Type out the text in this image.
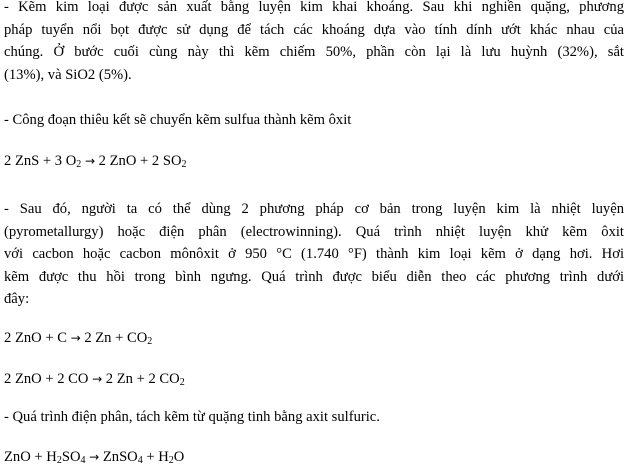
- Kẽm kim loại được sản xuất bằng luyện kim khai khoáng. Sau khi nghiền quặng, phương
pháp tuyển nổi bọt được sử dụng để tách các khoáng dựa vào tính dính ướt khác nhau của
chúng. Ở bước cuối cùng này thì kẽm chiếm 50%, phần còn lại là lưu huỳnh (32%), sắt
(13%), và SiO2 (5%).

- Công đoạn thiêu kết sẽ chuyển kẽm sulfua thành kẽm ôxit

2 ZnS + 3 $O_2 \to 2$ ZnO + 2 $SO_2$

- Sau đó, người ta có thể dùng 2 phương pháp cơ bản trong luyện kim là nhiệt luyện
(pyrometallurgy) hoặc điện phân (electrowinning). Quá trình nhiệt luyện khử kẽm ôxit
với cacbon hoặc cacbon mônôxit ở 950 °C (1.740 °F) thành kim loại kẽm ở dạng hơi. Hơi
kẽm được thu hồi trong bình ngưng. Quá trình được biểu diễn theo các phương trình dưới
đây:

2 ZnO + C → 2 $Zn + CO_2$

2 ZnO + 2 CO → 2 Zn + 2 $CO_2$

- Quá trình điện phân, tách kẽm từ quặng tinh bằng axit sulfuric.

ZnO + $H_2SO_4$ → ZnSO$_4$ + $H_2O$
